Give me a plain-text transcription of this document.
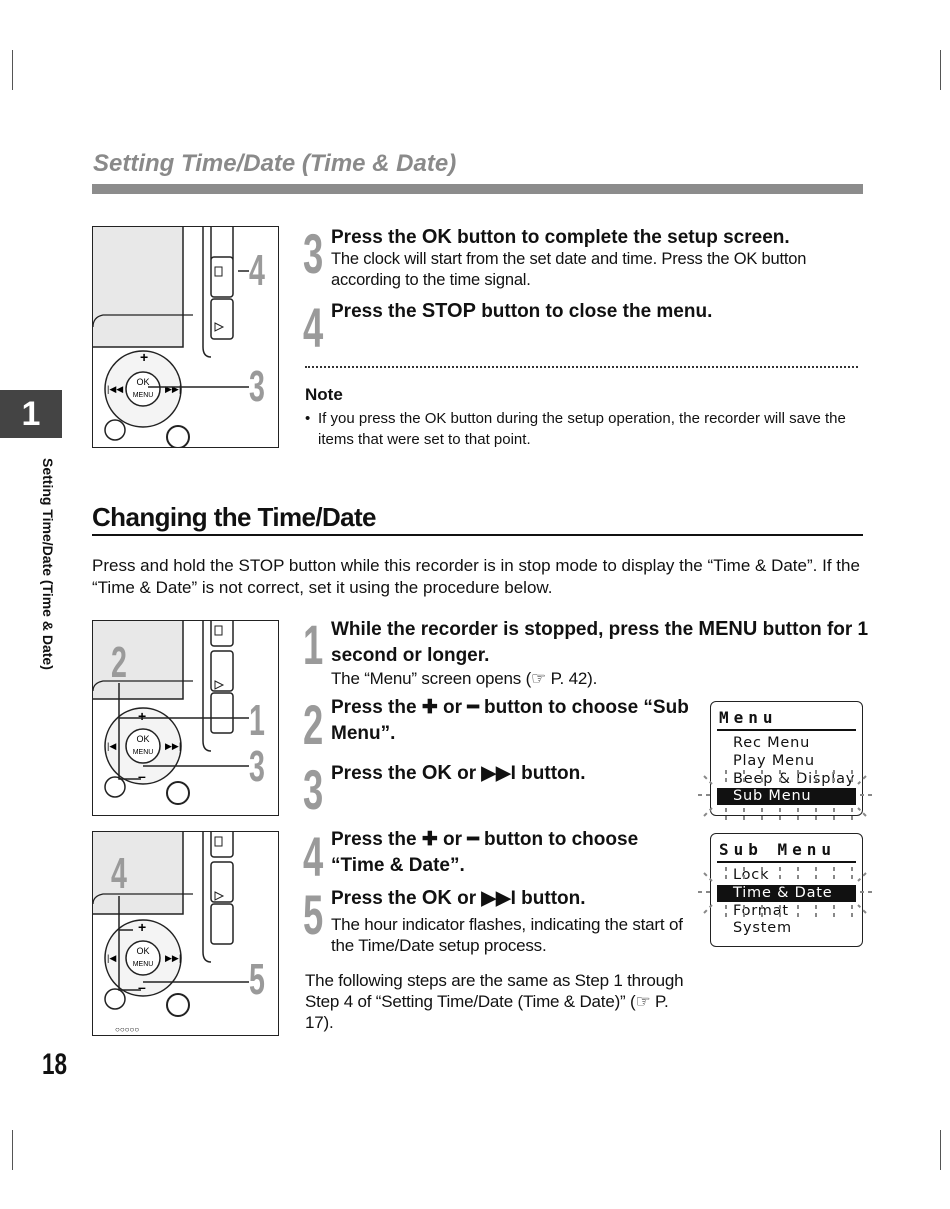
Setting Time/Date (Time & Date)
1
Setting Time/Date (Time & Date)
OK
MENU
+
|◀◀	▶▶|
4
3
3 Press the OK button to complete the setup screen.

The clock will start from the set date and time. Press the OK button according to the time signal.
4 Press the STOP button to close the menu.

Note
• If you press the OK button during the setup operation, the recorder will save the items that were set to that point.
Changing the Time/Date
Press and hold the STOP button while this recorder is in stop mode to display the “Time & Date”. If the “Time & Date” is not correct, set it using the procedure below.
OK
MENU
+
–
|◀	▶▶|
2
1
3
OK
MENU
+
–
|◀	▶▶|
○○○○○
4
5
1 While the recorder is stopped, press the MENU button for 1 second or longer.

The “Menu” screen opens (☞ P. 42).
2 Press the ✚ or ━ button to choose “Sub Menu”.

3 Press the OK or ▶▶I button.

4 Press the ✚ or ━ button to choose “Time & Date”.

5 Press the OK or ▶▶I button.

The hour indicator flashes, indicating the start of the Time/Date setup process.
The following steps are the same as Step 1 through Step 4 of “Setting Time/Date (Time & Date)” (☞ P. 17).
Menu
Rec Menu
Play Menu
Beep & Display
Sub Menu
Sub Menu
Lock
Time & Date
Format
System
18
